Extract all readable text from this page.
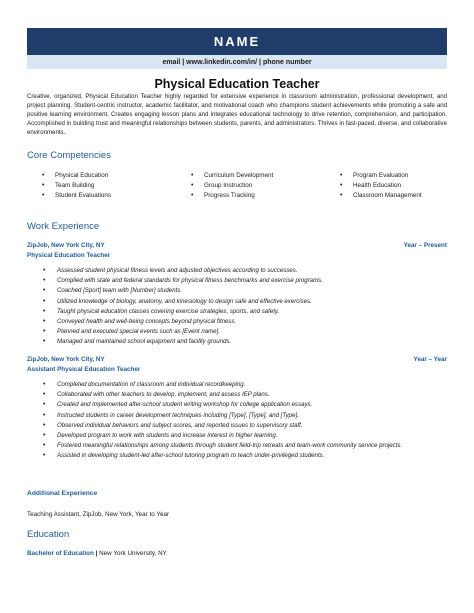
NAME
email | www.linkedin.com/in/ | phone number
Physical Education Teacher
Creative, organized, Physical Education Teacher highly regarded for extensive experience in classroom administration, professional development, and project planning. Student-centric instructor, academic facilitator, and motivational coach who champions student achievements while promoting a safe and positive learning environment. Creates engaging lesson plans and integrates educational technology to drive retention, comprehension, and participation. Accomplished in building trust and meaningful relationships between students, parents, and administrators. Thrives in fast-paced, diverse, and collaborative environments.
Core Competencies
• Physical Education
• Team Building
• Student Evaluations
• Curriculum Development
• Group Instruction
• Progress Tracking
• Program Evaluation
• Health Education
• Classroom Management
Work Experience
ZipJob, New York City, NY	Year – Present
Physical Education Teacher
• Assessed student physical fitness levels and adjusted objectives according to successes.
• Complied with state and federal standards for physical fitness benchmarks and exercise programs.
• Coached [Sport] team with [Number] students.
• Utilized knowledge of biology, anatomy, and kinesiology to design safe and effective exercises.
• Taught physical education classes covering exercise strategies, sports, and safety.
• Conveyed health and well-being concepts beyond physical fitness.
• Planned and executed special events such as [Event name].
• Managed and maintained school equipment and facility grounds.
ZipJob, New York City, NY	Year – Year
Assistant Physical Education Teacher
• Completed documentation of classroom and individual recordkeeping.
• Collaborated with other teachers to develop, implement, and assess IEP plans.
• Created and implemented after-school student writing workshop for college application essays.
• Instructed students in career development techniques including [Type], [Type], and [Type].
• Observed individual behaviors and subject scores, and reported issues to supervisory staff.
• Developed program to work with students and increase interest in higher learning.
• Fostered meaningful relationships among students through student field-trip retreats and team-work community service projects.
• Assisted in developing student-led after-school tutoring program to teach under-privileged students.
Additional Experience
Teaching Assistant, ZipJob, New York, Year to Year
Education
Bachelor of Education | New York University, NY
